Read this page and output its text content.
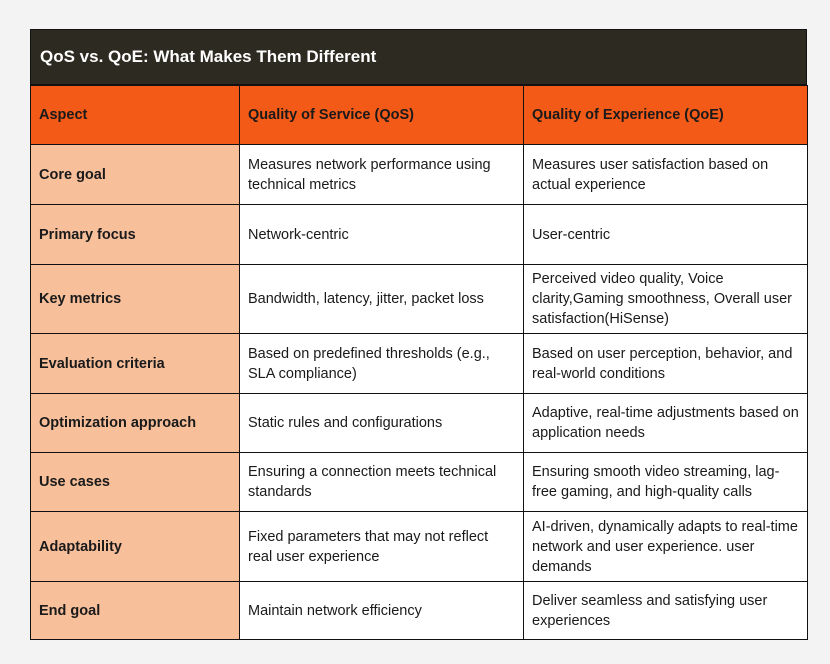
QoS vs. QoE: What Makes Them Different
Aspect	Quality of Service (QoS)	Quality of Experience (QoE)
Core goal	Measures network performance using technical metrics	Measures user satisfaction based on actual experience
Primary focus	Network-centric	User-centric
Key metrics	Bandwidth, latency, jitter, packet loss	Perceived video quality, Voice clarity,Gaming smoothness, Overall user satisfaction(HiSense)
Evaluation criteria	Based on predefined thresholds (e.g., SLA compliance)	Based on user perception, behavior, and real-world conditions
Optimization approach	Static rules and configurations	Adaptive, real-time adjustments based on application needs
Use cases	Ensuring a connection meets technical standards	Ensuring smooth video streaming, lag-free gaming, and high-quality calls
Adaptability	Fixed parameters that may not reflect real user experience	AI-driven, dynamically adapts to real-time network and user experience. user demands
End goal	Maintain network efficiency	Deliver seamless and satisfying user experiences
